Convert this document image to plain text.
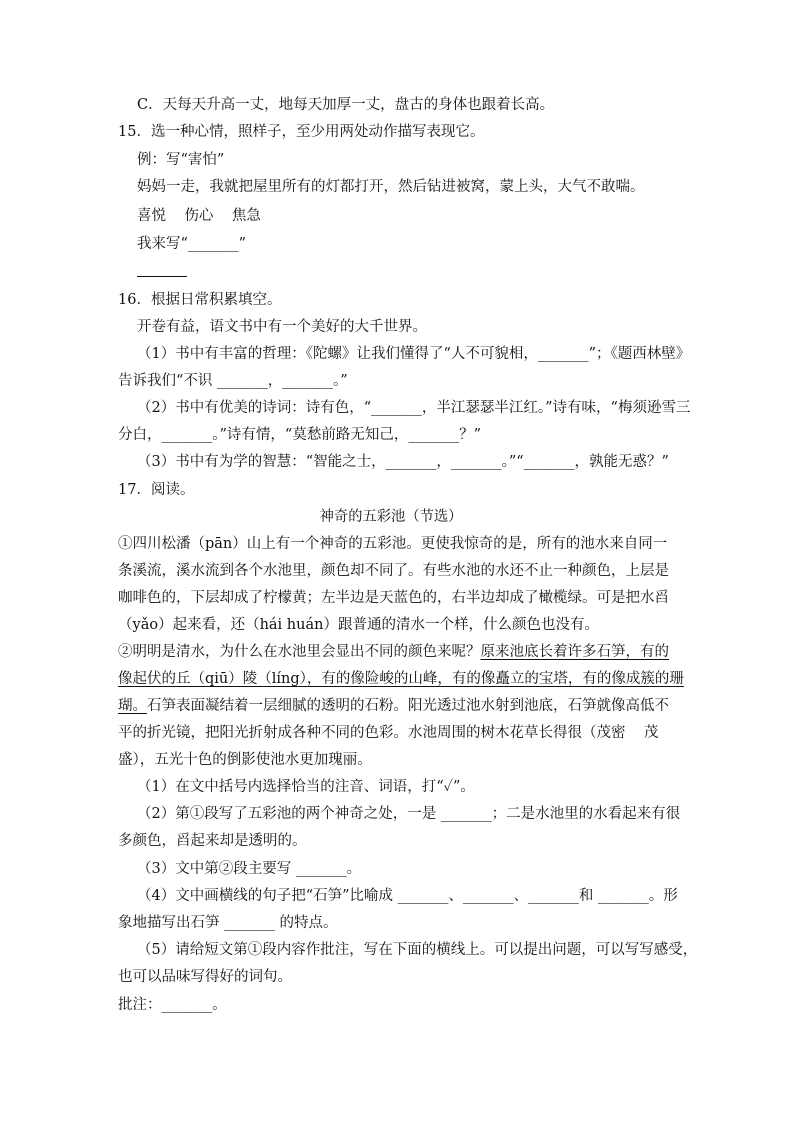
C．天每天升高一丈，地每天加厚一丈，盘古的身体也跟着长高。
15．选一种心情，照样子，至少用两处动作描写表现它。
例：写“害怕”
妈妈一走，我就把屋里所有的灯都打开，然后钻进被窝，蒙上头，大气不敢喘。
喜悦    伤心    焦急
我来写“_______”
16．根据日常积累填空。
开卷有益，语文书中有一个美好的大千世界。
（1）书中有丰富的哲理：《陀螺》让我们懂得了“人不可貌相，_______”；《题西林壁》
告诉我们“不识 _______，_______。”
（2）书中有优美的诗词：诗有色，“_______，半江瑟瑟半江红。”诗有味，“梅须逊雪三
分白，_______。”诗有情，“莫愁前路无知己，_______？”
（3）书中有为学的智慧：“智能之士，_______，_______。”“_______，孰能无惑？”
17．阅读。
神奇的五彩池（节选）
①四川松潘（pān）山上有一个神奇的五彩池。更使我惊奇的是，所有的池水来自同一
条溪流，溪水流到各个水池里，颜色却不同了。有些水池的水还不止一种颜色，上层是
咖啡色的，下层却成了柠檬黄；左半边是天蓝色的，右半边却成了橄榄绿。可是把水舀
（yǎo）起来看，还（hái huán）跟普通的清水一个样，什么颜色也没有。
②明明是清水，为什么在水池里会显出不同的颜色来呢？原来池底长着许多石笋，有的
像起伏的丘（qiū）陵（líng），有的像险峻的山峰，有的像矗立的宝塔，有的像成簇的珊
瑚。石笋表面凝结着一层细腻的透明的石粉。阳光透过池水射到池底，石笋就像高低不
平的折光镜，把阳光折射成各种不同的色彩。水池周围的树木花草长得很（茂密    茂
盛），五光十色的倒影使池水更加瑰丽。
（1）在文中括号内选择恰当的注音、词语，打“✓”。
（2）第①段写了五彩池的两个神奇之处，一是 _______；二是水池里的水看起来有很
多颜色，舀起来却是透明的。
（3）文中第②段主要写 _______。
（4）文中画横线的句子把“石笋”比喻成 _______、_______、_______和 _______。形
象地描写出石笋 _______ 的特点。
（5）请给短文第①段内容作批注，写在下面的横线上。可以提出问题，可以写写感受，
也可以品味写得好的词句。
批注：_______。
